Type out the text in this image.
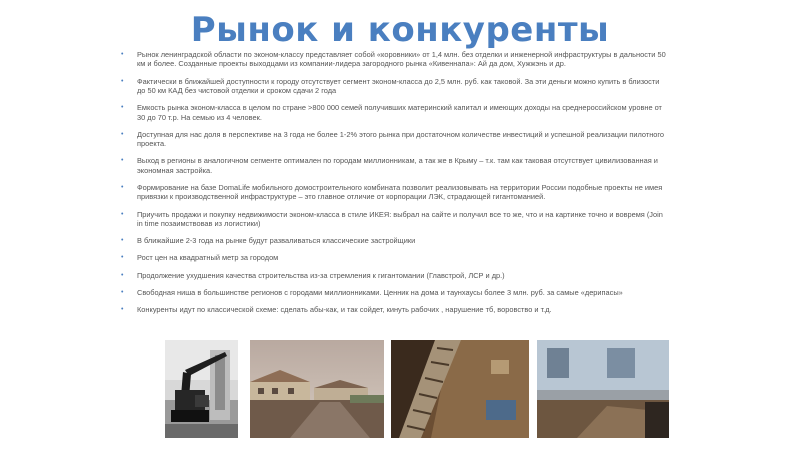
Рынок и конкуренты
• Рынок ленинградской области по эконом-классу представляет собой «коровники» от 1,4 млн. без отделки и инженерной инфраструктуры в дальности 50 км и более. Созданные проекты выходцами из компании-лидера загородного рынка «Кивеннапа»: Ай да дом, Хужжэнь и др.
• Фактически в ближайшей доступности к городу отсутствует сегмент эконом-класса до 2,5 млн. руб. как таковой. За эти деньги можно купить в близости до 50 км КАД без чистовой отделки и сроком сдачи 2 года
• Емкость рынка эконом-класса в целом по стране >800 000 семей получивших материнский капитал и имеющих доходы на среднероссийском уровне от 30 до 70 т.р. На семью из 4 человек.
• Доступная для нас доля в перспективе на 3 года не более 1-2% этого рынка при достаточном количестве инвестиций и успешной реализации пилотного проекта.
• Выход в регионы в аналогичном сегменте оптимален по городам миллионникам, а так же в Крыму – т.к. там как таковая отсутствует цивилизованная и экономная застройка.
• Формирование на базе DomaLife мобильного домостроительного комбината позволит реализовывать на территории России подобные проекты не имея привязки к производственной инфраструктуре – это главное отличие от корпорации ЛЭК, страдающей гигантоманией.
• Приучить продажи и покупку недвижимости эконом-класса в стиле ИКЕЯ: выбрал на сайте и получил все то же, что и на картинке точно и вовремя (Join in time позаимствовав из логистики)
• В ближайшие 2-3 года на рынке будут разваливаться классические застройщики
• Рост цен на квадратный метр за городом
• Продолжение ухудшения качества строительства из-за стремления к гигантомании (Главстрой, ЛСР и др.)
• Свободная ниша в большинстве регионов с городами миллионниками. Ценник на дома и таунхаусы более 3 млн. руб. за самые «дерипасы»
• Конкуренты идут по классической схеме: сделать абы-как, и так сойдет, кинуть рабочих , нарушение тб, воровство и т.д.
